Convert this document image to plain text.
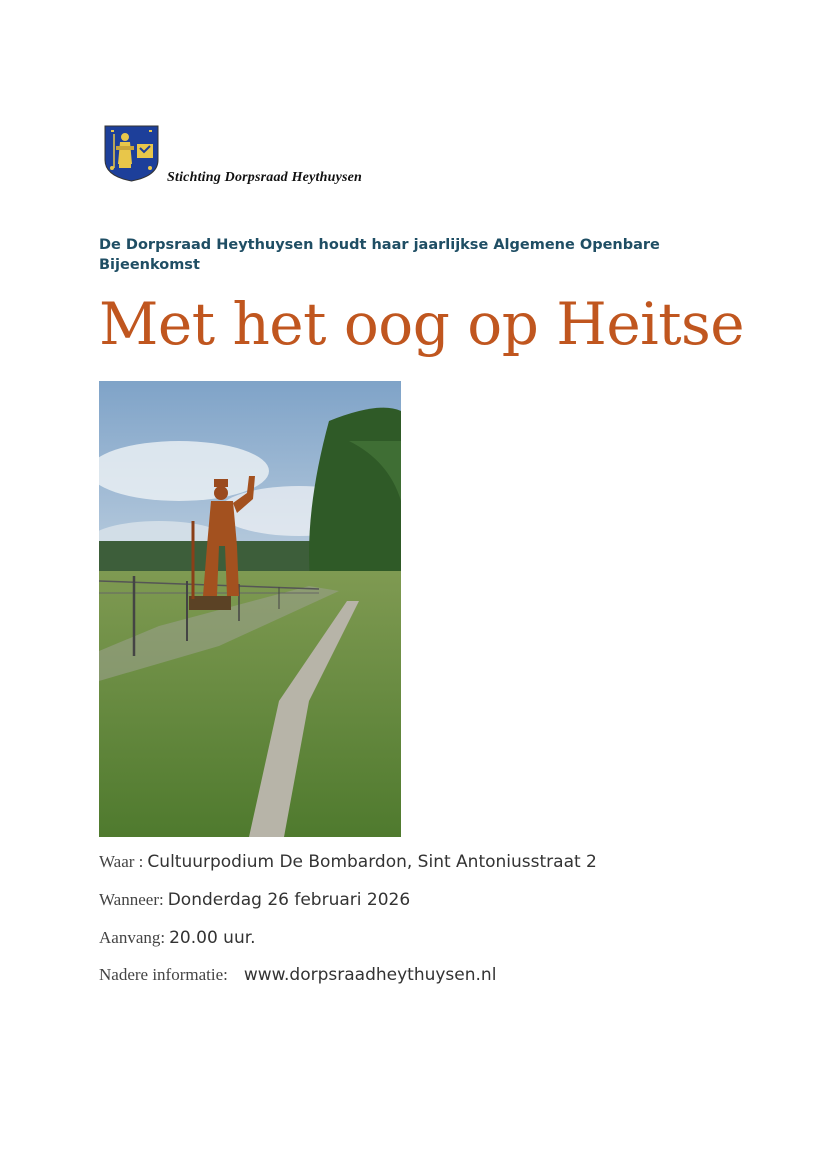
Stichting Dorpsraad Heythuysen
De Dorpsraad Heythuysen houdt haar jaarlijkse Algemene Openbare Bijeenkomst
Met het oog op Heitse
Waar : Cultuurpodium De Bombardon, Sint Antoniusstraat 2
Wanneer: Donderdag 26 februari 2026
Aanvang: 20.00 uur.
Nadere informatie: www.dorpsraadheythuysen.nl
